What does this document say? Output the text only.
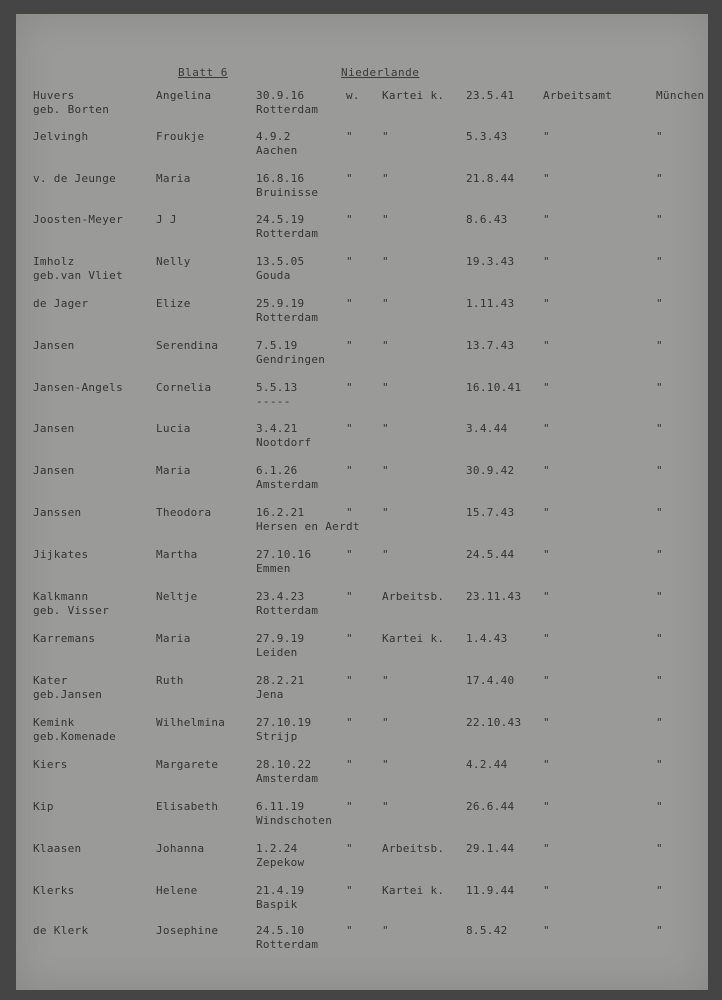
Blatt 6	Niederlande
Huvers	Angelina	30.9.16	w. Kartei k. 23.5.41	Arbeitsamt	München
geb. Borten	Rotterdam
Jelvingh	Froukje	4.9.2	"	"	5.3.43	"	"
Aachen
v. de Jeunge	Maria	16.8.16	"	"	21.8.44	"	"
Bruinisse
Joosten-Meyer	J J	24.5.19	"	"	8.6.43	"	"
Rotterdam
Imholz	Nelly	13.5.05	"	"	19.3.43	"	"
geb.van Vliet	Gouda
de Jager	Elize	25.9.19	"	"	1.11.43	"	"
Rotterdam
Jansen	Serendina	7.5.19	"	"	13.7.43	"	"
Gendringen
Jansen-Angels	Cornelia	5.5.13	"	"	16.10.41 "	"
-----
Jansen	Lucia	3.4.21	"	"	3.4.44	"	"
Nootdorf
Jansen	Maria	6.1.26	"	"	30.9.42	"	"
Amsterdam
Janssen	Theodora	16.2.21	"	"	15.7.43	"	"
Hersen en Aerdt
Jijkates	Martha	27.10.16	"	"	24.5.44	"	"
Emmen
Kalkmann	Neltje	23.4.23	"	Arbeitsb. 23.11.43 "	"
geb. Visser	Rotterdam
Karremans	Maria	27.9.19	"	Kartei k. 1.4.43	"	"
Leiden
Kater	Ruth	28.2.21	"	"	17.4.40	"	"
geb.Jansen	Jena
Kemink	Wilhelmina	27.10.19	"	"	22.10.43 "	"
geb.Komenade	Strijp
Kiers	Margarete	28.10.22	"	"	4.2.44	"	"
Amsterdam
Kip	Elisabeth	6.11.19	"	"	26.6.44	"	"
Windschoten
Klaasen	Johanna	1.2.24	"	Arbeitsb. 29.1.44	"	"
Zepekow
Klerks	Helene	21.4.19	"	Kartei k. 11.9.44	"	"
Baspik
de Klerk	Josephine	24.5.10	"	"	8.5.42	"	"
Rotterdam
